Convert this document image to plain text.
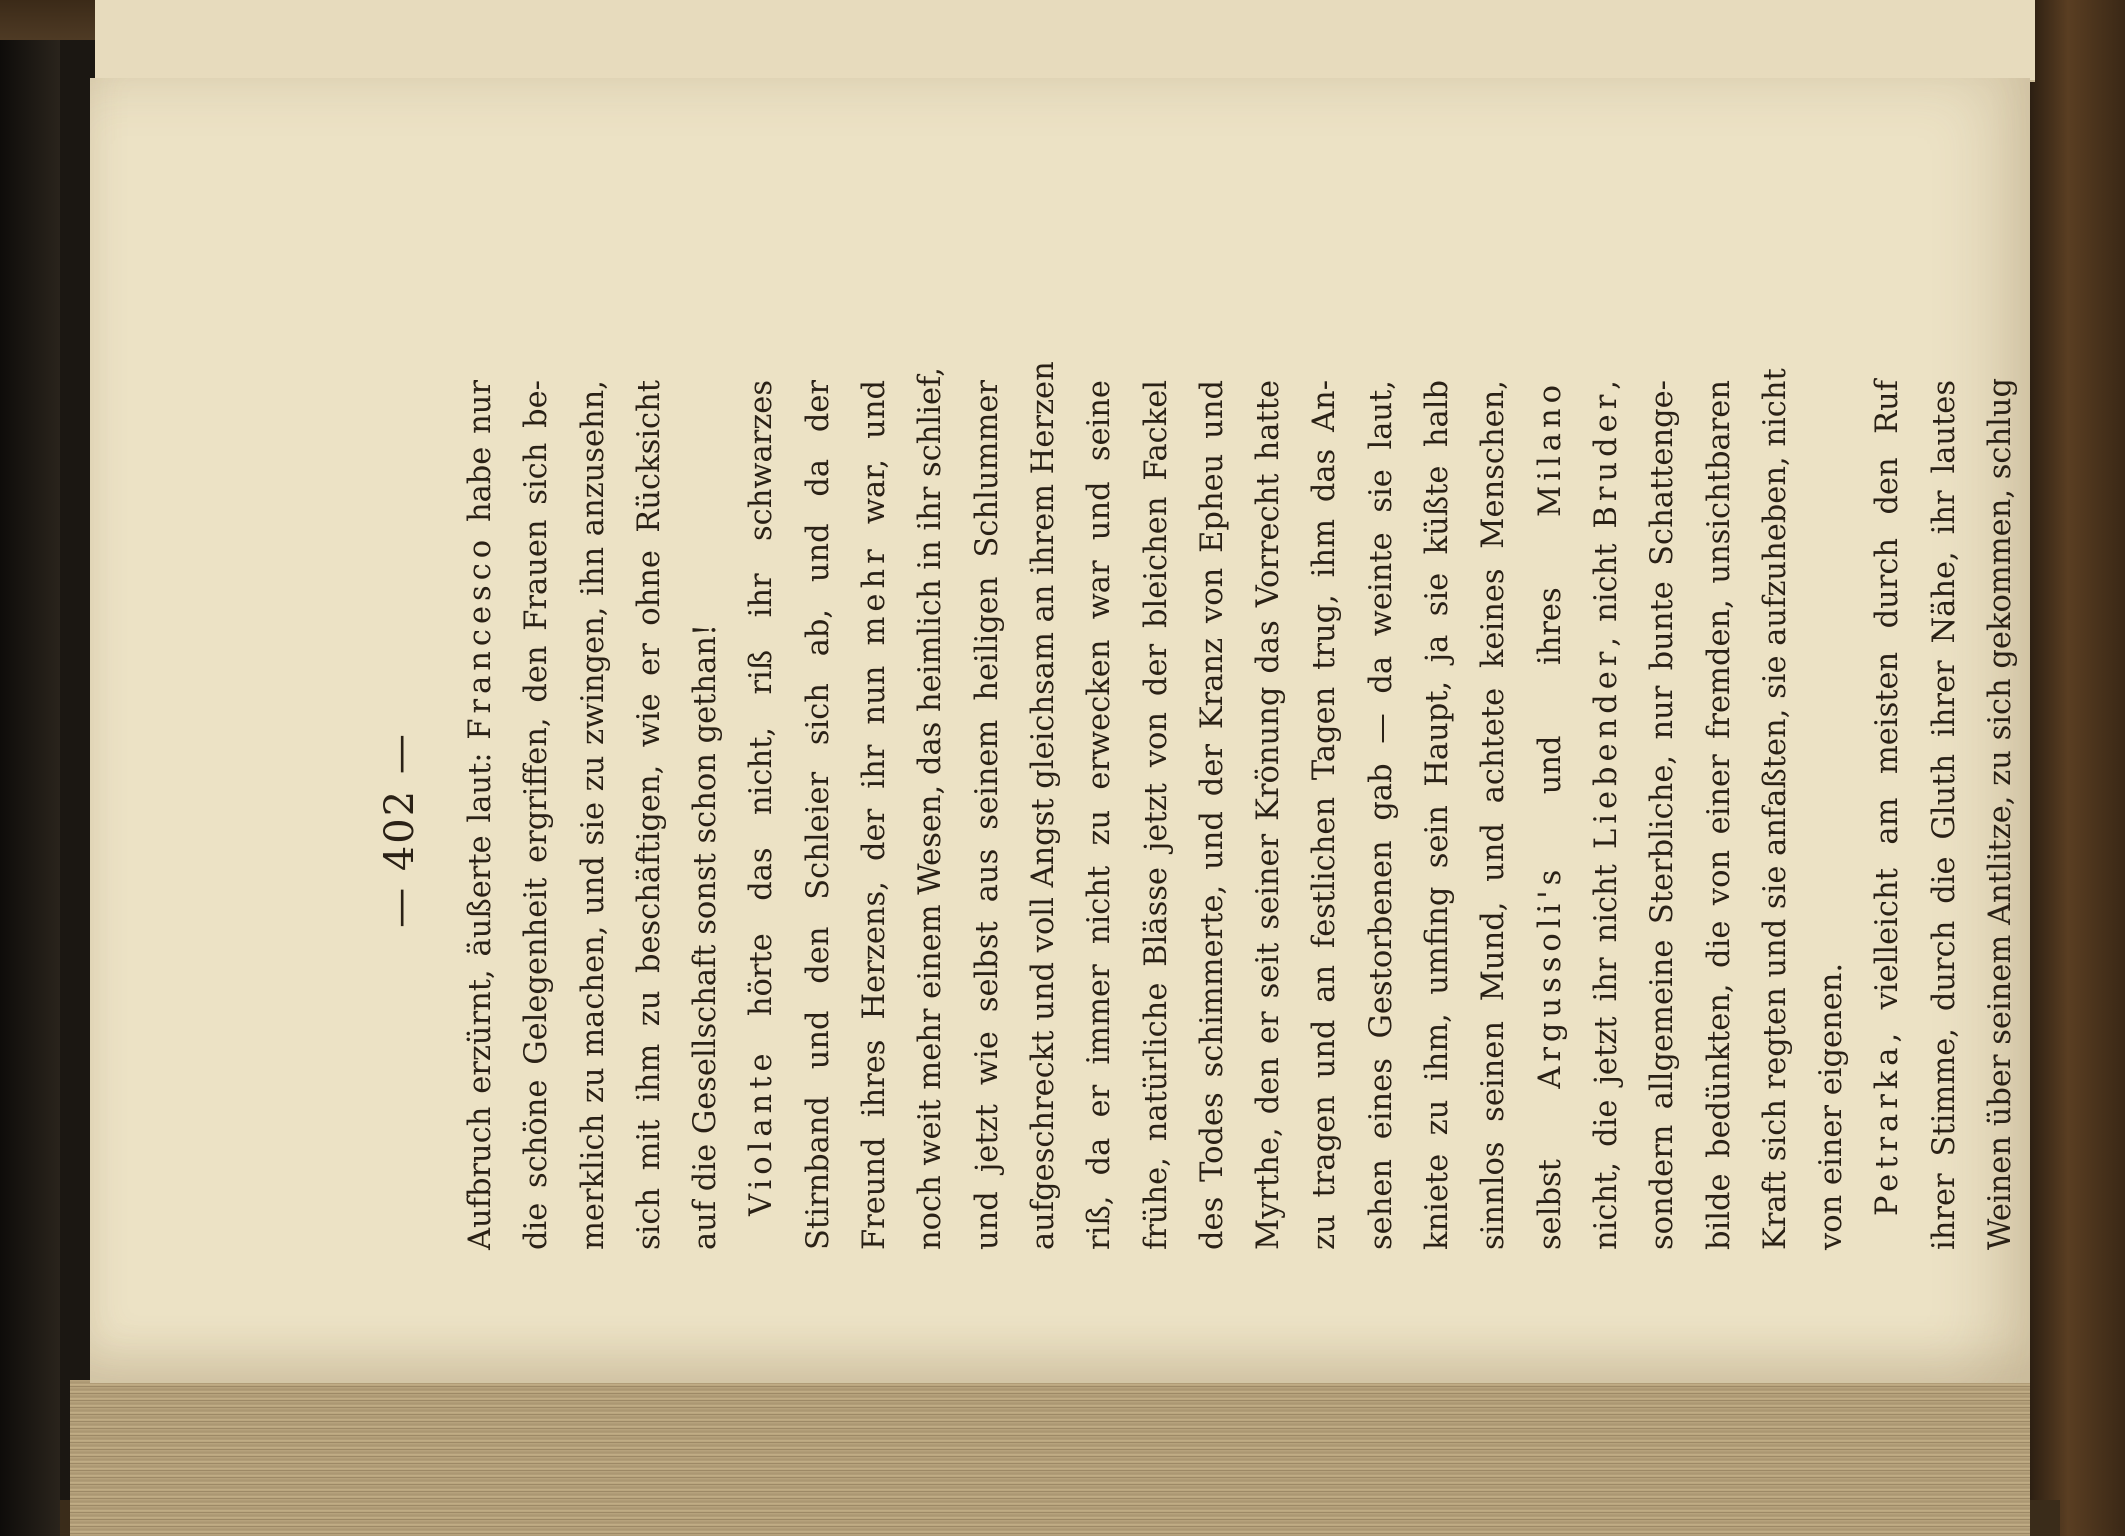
— 402 —	Aufbruch erzürnt, äußerte laut: Francesco habe nur die schöne Gelegenheit ergriffen, den Frauen sich be- merklich zu machen, und sie zu zwingen, ihn anzusehn, sich mit ihm zu beschäftigen, wie er ohne Rücksicht auf die Gesellschaft sonst schon gethan! Violante hörte das nicht, riß ihr schwarzes Stirnband und den Schleier sich ab, und da der Freund ihres Herzens, der ihr nun mehr war, und noch weit mehr einem Wesen, das heimlich in ihr schlief, und jetzt wie selbst aus seinem heiligen Schlummer aufgeschreckt und voll Angst gleichsam an ihrem Herzen riß, da er immer nicht zu erwecken war und seine frühe, natürliche Blässe jetzt von der bleichen Fackel des Todes schimmerte, und der Kranz von Epheu und Myrthe, den er seit seiner Krönung das Vorrecht hatte zu tragen und an festlichen Tagen trug, ihm das An- sehen eines Gestorbenen gab — da weinte sie laut, kniete zu ihm, umfing sein Haupt, ja sie küßte halb sinnlos seinen Mund, und achtete keines Menschen, selbst Argussoli's und ihres Milano
nicht, die jetzt ihr nicht Liebender, nicht Bruder, sondern allgemeine Sterbliche, nur bunte Schattenge- bilde bedünkten, die von einer fremden, unsichtbaren Kraft sich regten und sie anfaßten, sie aufzuheben, nicht von einer eigenen. Petrarka, vielleicht am meisten durch den Ruf ihrer Stimme, durch die Gluth ihrer Nähe, ihr lautes Weinen über seinem Antlitze, zu sich gekommen, schlug
